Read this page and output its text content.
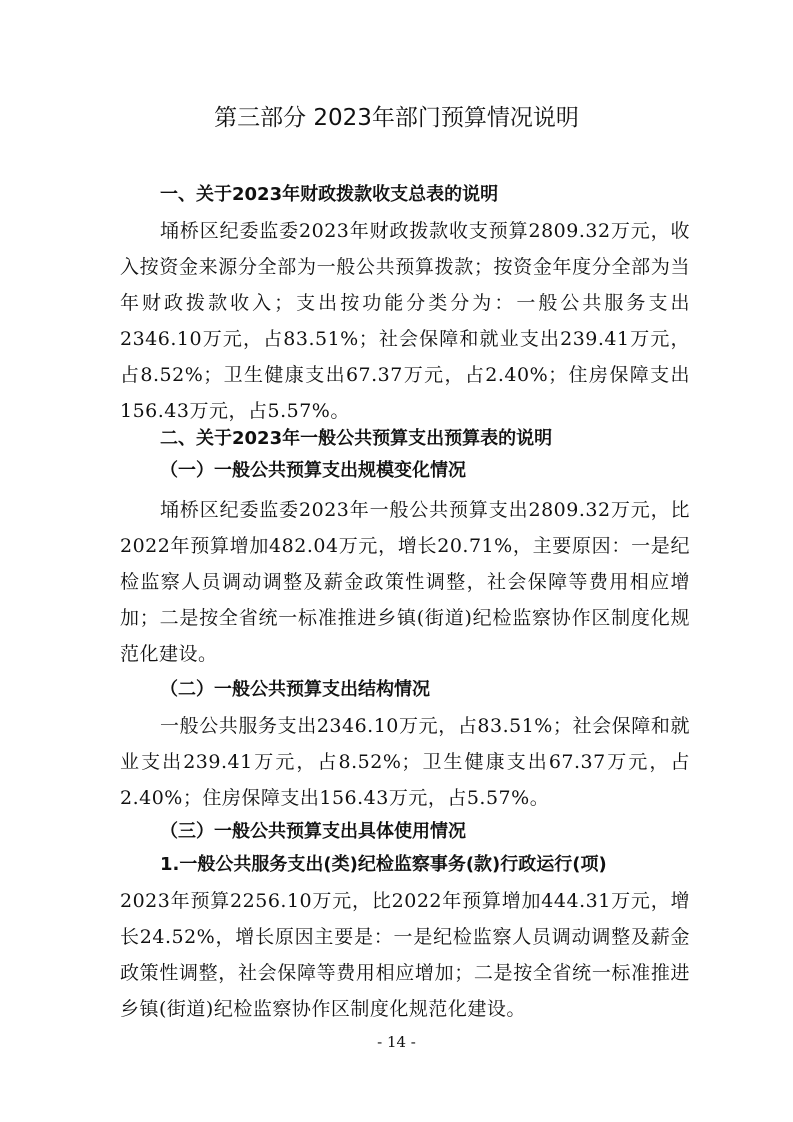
第三部分 2023年部门预算情况说明
一、关于2023年财政拨款收支总表的说明

埇桥区纪委监委2023年财政拨款收支预算2809.32万元，收入按资金来源分全部为一般公共预算拨款；按资金年度分全部为当年财政拨款收入；支出按功能分类分为：一般公共服务支出2346.10万元，占83.51%；社会保障和就业支出239.41万元，占8.52%；卫生健康支出67.37万元，占2.40%；住房保障支出156.43万元，占5.57%。

二、关于2023年一般公共预算支出预算表的说明
（一）一般公共预算支出规模变化情况

埇桥区纪委监委2023年一般公共预算支出2809.32万元，比2022年预算增加482.04万元，增长20.71%，主要原因：一是纪检监察人员调动调整及薪金政策性调整，社会保障等费用相应增加；二是按全省统一标准推进乡镇(街道)纪检监察协作区制度化规范化建设。

（二）一般公共预算支出结构情况

一般公共服务支出2346.10万元，占83.51%；社会保障和就业支出239.41万元，占8.52%；卫生健康支出67.37万元，占2.40%；住房保障支出156.43万元，占5.57%。

（三）一般公共预算支出具体使用情况
1.一般公共服务支出(类)纪检监察事务(款)行政运行(项)

2023年预算2256.10万元，比2022年预算增加444.31万元，增长24.52%，增长原因主要是：一是纪检监察人员调动调整及薪金政策性调整，社会保障等费用相应增加；二是按全省统一标准推进乡镇(街道)纪检监察协作区制度化规范化建设。

- 14 -
